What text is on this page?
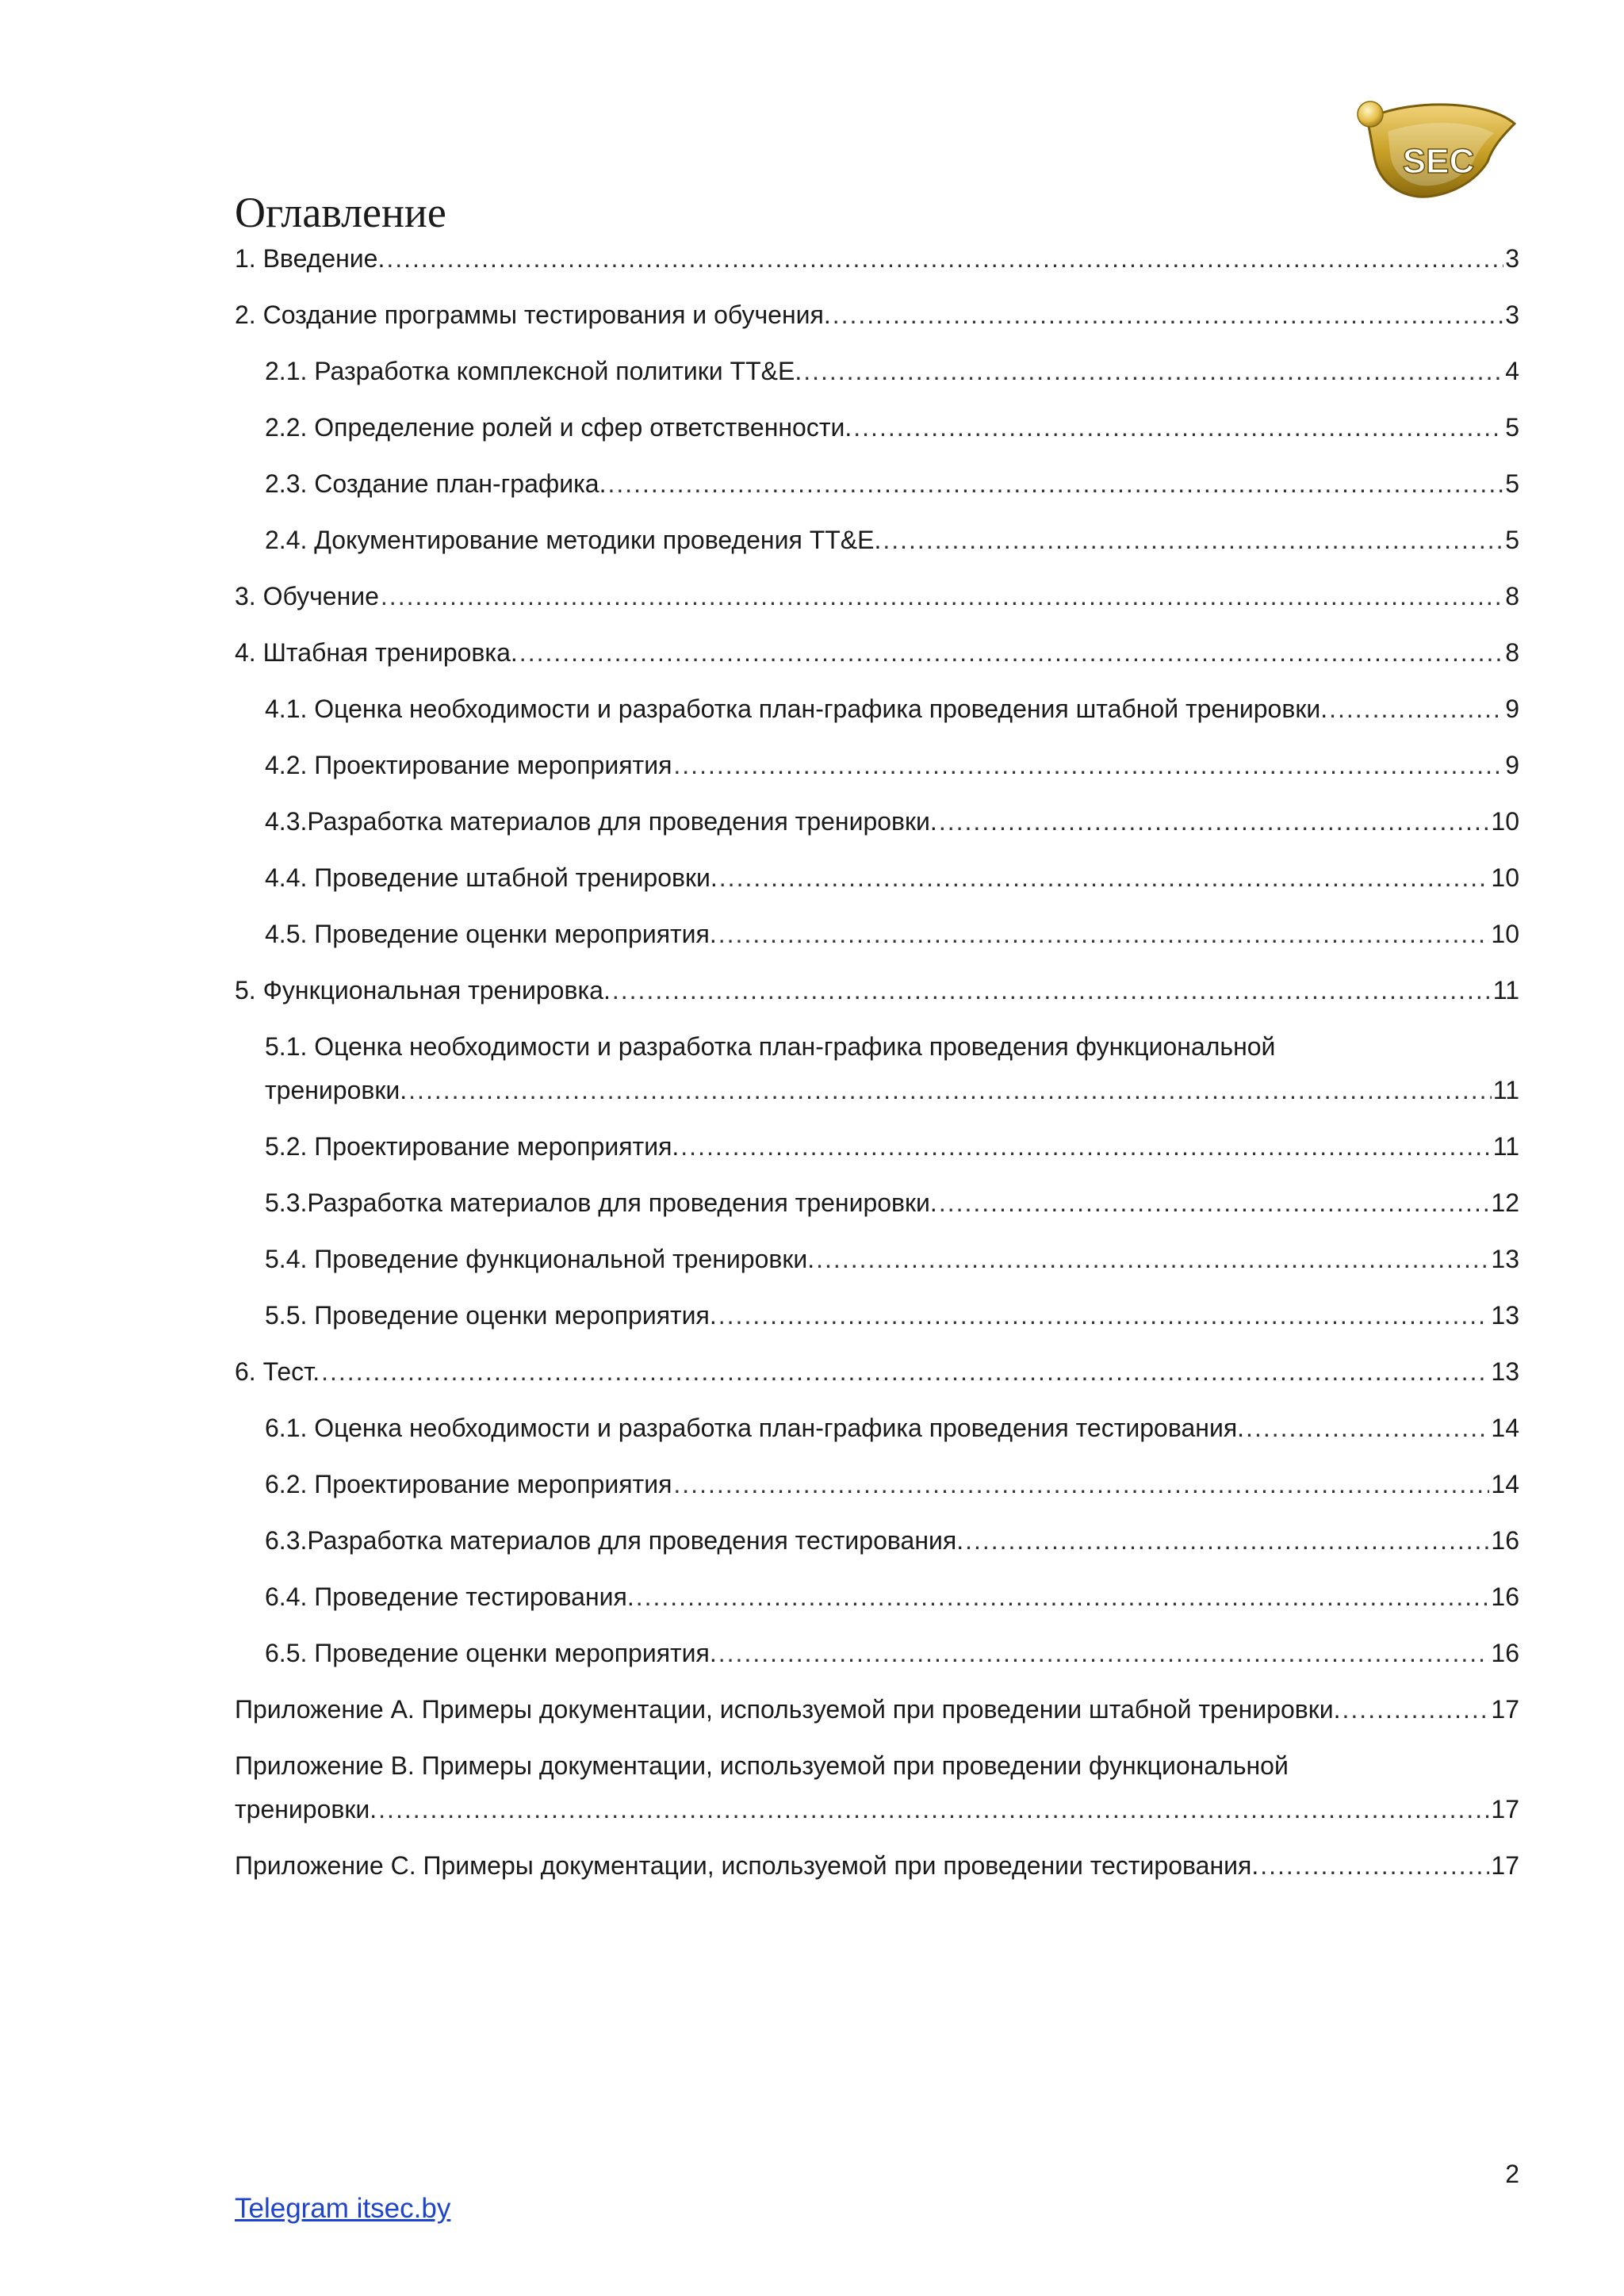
SEC
Оглавление
1. Введение. .....	3
2. Создание программы тестирования и обучения. .....	3
2.1. Разработка комплексной политики TT&E. .....	4
2.2. Определение ролей и сфер ответственности. .....	5
2.3. Создание план-графика. .....	5
2.4. Документирование методики проведения TT&E. .....	5
3. Обучение .....	8
4. Штабная тренировка. .....	8
4.1. Оценка необходимости и разработка план-графика проведения штабной тренировки. .....	9
4.2. Проектирование мероприятия .....	9
4.3.Разработка материалов для проведения тренировки. .....	10
4.4. Проведение штабной тренировки. .....	10
4.5. Проведение оценки мероприятия. .....	10
5. Функциональная тренировка. .....	11
5.1. Оценка необходимости и разработка план-графика проведения функциональной
тренировки. .....	11
5.2. Проектирование мероприятия. .....	11
5.3.Разработка материалов для проведения тренировки. .....	12
5.4. Проведение функциональной тренировки. .....	13
5.5. Проведение оценки мероприятия. .....	13
6. Тест. .....	13
6.1. Оценка необходимости и разработка план-графика проведения тестирования. .....	14
6.2. Проектирование мероприятия .....	14
6.3.Разработка материалов для проведения тестирования. .....	16
6.4. Проведение тестирования. .....	16
6.5. Проведение оценки мероприятия. .....	16
Приложение А. Примеры документации, используемой при проведении штабной тренировки. .....	17
Приложение В. Примеры документации, используемой при проведении функциональной
тренировки. .....	17
Приложение С. Примеры документации, используемой при проведении тестирования. .....	17
2
Telegram itsec.by
